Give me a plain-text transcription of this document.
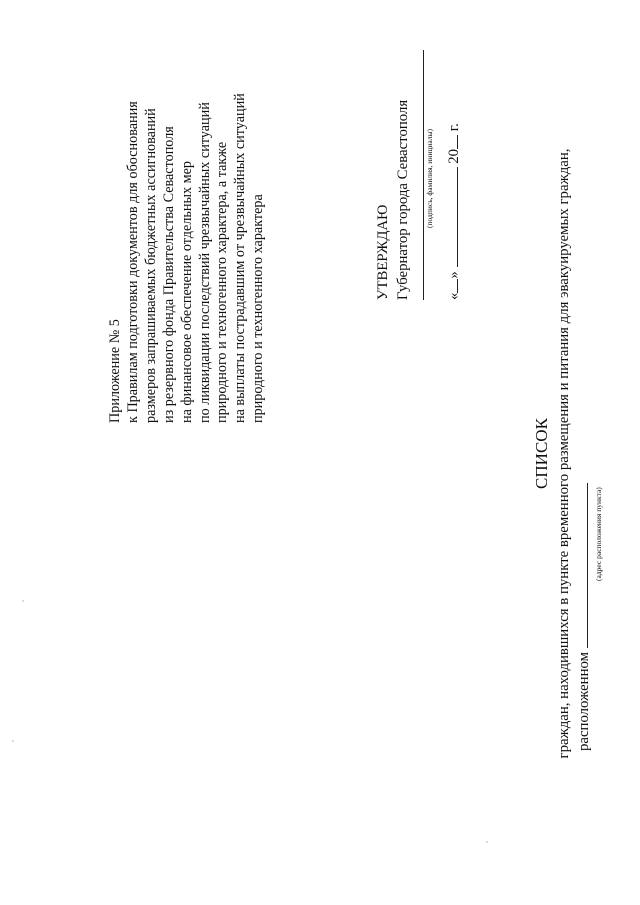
Приложение № 5 к Правилам подготовки документов для обоснования размеров запрашиваемых бюджетных ассигнований из резервного фонда Правительства Севастополя на финансовое обеспечение отдельных мер по ликвидации последствий чрезвычайных ситуаций природного и техногенного характера, а также на выплаты пострадавшим от чрезвычайных ситуаций природного и техногенного характера	УТВЕРЖДАЮ Губернатор города Севастополя (подпись, фамилия, инициалы)
«»  20 г.
СПИСОК граждан, находившихся в пункте временного размещения и питания для эвакуируемых граждан, расположенном
(адрес расположения пункта)
